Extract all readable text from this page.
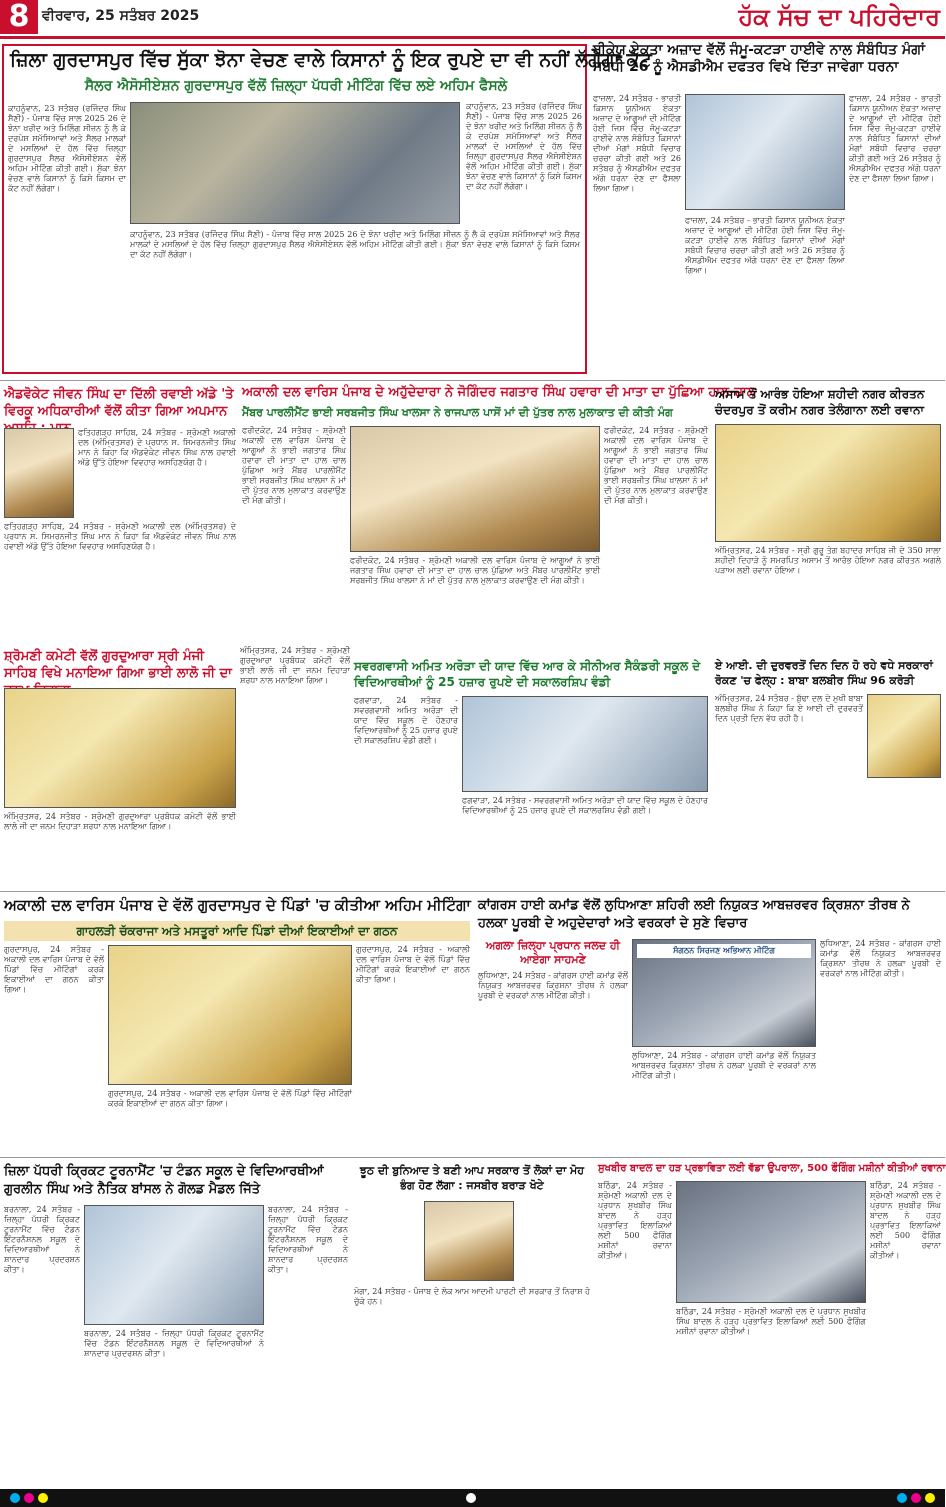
8 ਵੀਰਵਾਰ, 25 ਸਤੰਬਰ 2025	ਹੱਕ ਸੱਚ ਦਾ ਪਹਿਰੇਦਾਰ
ਜ਼ਿਲਾ ਗੁਰਦਾਸਪੁਰ ਵਿੱਚ ਸੁੱਕਾ ਝੋਨਾ ਵੇਚਣ ਵਾਲੇ ਕਿਸਾਨਾਂ ਨੂੰ ਇਕ ਰੁਪਏ ਦਾ ਵੀ ਨਹੀਂ ਲੱਗੇਗਾ ਕੱਟ
ਸੈਲਰ ਐਸੋਸੀਏਸ਼ਨ ਗੁਰਦਾਸਪੁਰ ਵੱਲੋਂ ਜ਼ਿਲ੍ਹਾ ਪੱਧਰੀ ਮੀਟਿੰਗ ਵਿੱਚ ਲਏ ਅਹਿਮ ਫੈਸਲੇ
ਕਾਹਨੂੰਵਾਨ, 23 ਸਤੰਬਰ (ਰਜਿੰਦਰ ਸਿੰਘ ਸੈਣੀ) - ਪੰਜਾਬ ਵਿੱਚ ਸਾਲ 2025 26 ਦੇ ਝੋਨਾ ਖਰੀਦ ਅਤੇ ਮਿਲਿੰਗ ਸੀਜ਼ਨ ਨੂੰ ਲੈ ਕੇ ਦਰਪੇਸ਼ ਸਮੱਸਿਆਵਾਂ ਅਤੇ ਸੈਲਰ ਮਾਲਕਾਂ ਦੇ ਮਸਲਿਆਂ ਦੇ ਹੱਲ ਵਿੱਚ ਜ਼ਿਲ੍ਹਾ ਗੁਰਦਾਸਪੁਰ ਸੈਲਰ ਐਸੋਸੀਏਸ਼ਨ ਵੱਲੋਂ ਅਹਿਮ ਮੀਟਿੰਗ ਕੀਤੀ ਗਈ। ਸੁੱਕਾ ਝੋਨਾ ਵੇਚਣ ਵਾਲੇ ਕਿਸਾਨਾਂ ਨੂੰ ਕਿਸੇ ਕਿਸਮ ਦਾ ਕੱਟ ਨਹੀਂ ਲੱਗੇਗਾ।
ਕਾਹਨੂੰਵਾਨ, 23 ਸਤੰਬਰ (ਰਜਿੰਦਰ ਸਿੰਘ ਸੈਣੀ) - ਪੰਜਾਬ ਵਿੱਚ ਸਾਲ 2025 26 ਦੇ ਝੋਨਾ ਖਰੀਦ ਅਤੇ ਮਿਲਿੰਗ ਸੀਜ਼ਨ ਨੂੰ ਲੈ ਕੇ ਦਰਪੇਸ਼ ਸਮੱਸਿਆਵਾਂ ਅਤੇ ਸੈਲਰ ਮਾਲਕਾਂ ਦੇ ਮਸਲਿਆਂ ਦੇ ਹੱਲ ਵਿੱਚ ਜ਼ਿਲ੍ਹਾ ਗੁਰਦਾਸਪੁਰ ਸੈਲਰ ਐਸੋਸੀਏਸ਼ਨ ਵੱਲੋਂ ਅਹਿਮ ਮੀਟਿੰਗ ਕੀਤੀ ਗਈ। ਸੁੱਕਾ ਝੋਨਾ ਵੇਚਣ ਵਾਲੇ ਕਿਸਾਨਾਂ ਨੂੰ ਕਿਸੇ ਕਿਸਮ ਦਾ ਕੱਟ ਨਹੀਂ ਲੱਗੇਗਾ।
ਕਾਹਨੂੰਵਾਨ, 23 ਸਤੰਬਰ (ਰਜਿੰਦਰ ਸਿੰਘ ਸੈਣੀ) - ਪੰਜਾਬ ਵਿੱਚ ਸਾਲ 2025 26 ਦੇ ਝੋਨਾ ਖਰੀਦ ਅਤੇ ਮਿਲਿੰਗ ਸੀਜ਼ਨ ਨੂੰ ਲੈ ਕੇ ਦਰਪੇਸ਼ ਸਮੱਸਿਆਵਾਂ ਅਤੇ ਸੈਲਰ ਮਾਲਕਾਂ ਦੇ ਮਸਲਿਆਂ ਦੇ ਹੱਲ ਵਿੱਚ ਜ਼ਿਲ੍ਹਾ ਗੁਰਦਾਸਪੁਰ ਸੈਲਰ ਐਸੋਸੀਏਸ਼ਨ ਵੱਲੋਂ ਅਹਿਮ ਮੀਟਿੰਗ ਕੀਤੀ ਗਈ। ਸੁੱਕਾ ਝੋਨਾ ਵੇਚਣ ਵਾਲੇ ਕਿਸਾਨਾਂ ਨੂੰ ਕਿਸੇ ਕਿਸਮ ਦਾ ਕੱਟ ਨਹੀਂ ਲੱਗੇਗਾ।
ਬੀਕੇਯੂ ਏਕਤਾ ਅਜ਼ਾਦ ਵੱਲੋਂ ਜੰਮੂ-ਕਟੜਾ ਹਾਈਵੇ ਨਾਲ ਸੰਬੰਧਿਤ ਮੰਗਾਂ ਸਬੰਧੀ 26 ਨੂੰ ਐਸਡੀਐਮ ਦਫਤਰ ਵਿਖੇ ਦਿੱਤਾ ਜਾਵੇਗਾ ਧਰਨਾ
ਫਾਜ਼ਲਾ, 24 ਸਤੰਬਰ - ਭਾਰਤੀ ਕਿਸਾਨ ਯੂਨੀਅਨ ਏਕਤਾ ਅਜ਼ਾਦ ਦੇ ਆਗੂਆਂ ਦੀ ਮੀਟਿੰਗ ਹੋਈ ਜਿਸ ਵਿੱਚ ਜੰਮੂ-ਕਟੜਾ ਹਾਈਵੇ ਨਾਲ ਸੰਬੰਧਿਤ ਕਿਸਾਨਾਂ ਦੀਆਂ ਮੰਗਾਂ ਸਬੰਧੀ ਵਿਚਾਰ ਚਰਚਾ ਕੀਤੀ ਗਈ ਅਤੇ 26 ਸਤੰਬਰ ਨੂੰ ਐਸਡੀਐਮ ਦਫਤਰ ਅੱਗੇ ਧਰਨਾ ਦੇਣ ਦਾ ਫੈਸਲਾ ਲਿਆ ਗਿਆ।
ਫਾਜ਼ਲਾ, 24 ਸਤੰਬਰ - ਭਾਰਤੀ ਕਿਸਾਨ ਯੂਨੀਅਨ ਏਕਤਾ ਅਜ਼ਾਦ ਦੇ ਆਗੂਆਂ ਦੀ ਮੀਟਿੰਗ ਹੋਈ ਜਿਸ ਵਿੱਚ ਜੰਮੂ-ਕਟੜਾ ਹਾਈਵੇ ਨਾਲ ਸੰਬੰਧਿਤ ਕਿਸਾਨਾਂ ਦੀਆਂ ਮੰਗਾਂ ਸਬੰਧੀ ਵਿਚਾਰ ਚਰਚਾ ਕੀਤੀ ਗਈ ਅਤੇ 26 ਸਤੰਬਰ ਨੂੰ ਐਸਡੀਐਮ ਦਫਤਰ ਅੱਗੇ ਧਰਨਾ ਦੇਣ ਦਾ ਫੈਸਲਾ ਲਿਆ ਗਿਆ।
ਫਾਜ਼ਲਾ, 24 ਸਤੰਬਰ - ਭਾਰਤੀ ਕਿਸਾਨ ਯੂਨੀਅਨ ਏਕਤਾ ਅਜ਼ਾਦ ਦੇ ਆਗੂਆਂ ਦੀ ਮੀਟਿੰਗ ਹੋਈ ਜਿਸ ਵਿੱਚ ਜੰਮੂ-ਕਟੜਾ ਹਾਈਵੇ ਨਾਲ ਸੰਬੰਧਿਤ ਕਿਸਾਨਾਂ ਦੀਆਂ ਮੰਗਾਂ ਸਬੰਧੀ ਵਿਚਾਰ ਚਰਚਾ ਕੀਤੀ ਗਈ ਅਤੇ 26 ਸਤੰਬਰ ਨੂੰ ਐਸਡੀਐਮ ਦਫਤਰ ਅੱਗੇ ਧਰਨਾ ਦੇਣ ਦਾ ਫੈਸਲਾ ਲਿਆ ਗਿਆ।
ਐਡਵੋਕੇਟ ਜੀਵਨ ਸਿੰਘ ਦਾ ਦਿੱਲੀ ਰਵਾਈ ਅੱਡੇ 'ਤੇ ਵਿਰਕੂ ਅਧਿਕਾਰੀਆਂ ਵੱਲੋਂ ਕੀਤਾ ਗਿਆ ਅਪਮਾਨ
ਫਤਿਹਗੜ੍ਹ ਸਾਹਿਬ, 24 ਸਤੰਬਰ - ਸ਼੍ਰੋਮਣੀ ਅਕਾਲੀ ਦਲ (ਅੰਮ੍ਰਿਤਸਰ) ਦੇ ਪ੍ਰਧਾਨ ਸ. ਸਿਮਰਨਜੀਤ ਸਿੰਘ ਮਾਨ ਨੇ ਕਿਹਾ ਕਿ ਐਡਵੋਕੇਟ ਜੀਵਨ ਸਿੰਘ ਨਾਲ ਹਵਾਈ ਅੱਡੇ ਉੱਤੇ ਹੋਇਆ ਵਿਵਹਾਰ ਅਸਹਿਣਯੋਗ ਹੈ।
ਫਤਿਹਗੜ੍ਹ ਸਾਹਿਬ, 24 ਸਤੰਬਰ - ਸ਼੍ਰੋਮਣੀ ਅਕਾਲੀ ਦਲ (ਅੰਮ੍ਰਿਤਸਰ) ਦੇ ਪ੍ਰਧਾਨ ਸ. ਸਿਮਰਨਜੀਤ ਸਿੰਘ ਮਾਨ ਨੇ ਕਿਹਾ ਕਿ ਐਡਵੋਕੇਟ ਜੀਵਨ ਸਿੰਘ ਨਾਲ ਹਵਾਈ ਅੱਡੇ ਉੱਤੇ ਹੋਇਆ ਵਿਵਹਾਰ ਅਸਹਿਣਯੋਗ ਹੈ।
ਅਕਾਲੀ ਦਲ ਵਾਰਿਸ ਪੰਜਾਬ ਦੇ ਅਹੁੱਦੇਦਾਰਾ ਨੇ ਜੋਗਿੰਦਰ ਜਗਤਾਰ ਸਿੰਘ ਹਵਾਰਾ ਦੀ ਮਾਤਾ ਦਾ ਪੁੱਛਿਆ ਹਾਲ-ਚਾਲ
ਮੈਂਬਰ ਪਾਰਲੀਮੈਂਟ ਭਾਈ ਸਰਬਜੀਤ ਸਿੰਘ ਖਾਲਸਾ ਨੇ ਰਾਜਪਾਲ ਪਾਸੋਂ ਮਾਂ ਦੀ ਪੁੱਤਰ ਨਾਲ ਮੁਲਾਕਾਤ ਦੀ ਕੀਤੀ ਮੰਗ
ਫਰੀਦਕੋਟ, 24 ਸਤੰਬਰ - ਸ਼੍ਰੋਮਣੀ ਅਕਾਲੀ ਦਲ ਵਾਰਿਸ ਪੰਜਾਬ ਦੇ ਆਗੂਆਂ ਨੇ ਭਾਈ ਜਗਤਾਰ ਸਿੰਘ ਹਵਾਰਾ ਦੀ ਮਾਤਾ ਦਾ ਹਾਲ ਚਾਲ ਪੁੱਛਿਆ ਅਤੇ ਮੈਂਬਰ ਪਾਰਲੀਮੈਂਟ ਭਾਈ ਸਰਬਜੀਤ ਸਿੰਘ ਖਾਲਸਾ ਨੇ ਮਾਂ ਦੀ ਪੁੱਤਰ ਨਾਲ ਮੁਲਾਕਾਤ ਕਰਵਾਉਣ ਦੀ ਮੰਗ ਕੀਤੀ।
ਫਰੀਦਕੋਟ, 24 ਸਤੰਬਰ - ਸ਼੍ਰੋਮਣੀ ਅਕਾਲੀ ਦਲ ਵਾਰਿਸ ਪੰਜਾਬ ਦੇ ਆਗੂਆਂ ਨੇ ਭਾਈ ਜਗਤਾਰ ਸਿੰਘ ਹਵਾਰਾ ਦੀ ਮਾਤਾ ਦਾ ਹਾਲ ਚਾਲ ਪੁੱਛਿਆ ਅਤੇ ਮੈਂਬਰ ਪਾਰਲੀਮੈਂਟ ਭਾਈ ਸਰਬਜੀਤ ਸਿੰਘ ਖਾਲਸਾ ਨੇ ਮਾਂ ਦੀ ਪੁੱਤਰ ਨਾਲ ਮੁਲਾਕਾਤ ਕਰਵਾਉਣ ਦੀ ਮੰਗ ਕੀਤੀ।
ਫਰੀਦਕੋਟ, 24 ਸਤੰਬਰ - ਸ਼੍ਰੋਮਣੀ ਅਕਾਲੀ ਦਲ ਵਾਰਿਸ ਪੰਜਾਬ ਦੇ ਆਗੂਆਂ ਨੇ ਭਾਈ ਜਗਤਾਰ ਸਿੰਘ ਹਵਾਰਾ ਦੀ ਮਾਤਾ ਦਾ ਹਾਲ ਚਾਲ ਪੁੱਛਿਆ ਅਤੇ ਮੈਂਬਰ ਪਾਰਲੀਮੈਂਟ ਭਾਈ ਸਰਬਜੀਤ ਸਿੰਘ ਖਾਲਸਾ ਨੇ ਮਾਂ ਦੀ ਪੁੱਤਰ ਨਾਲ ਮੁਲਾਕਾਤ ਕਰਵਾਉਣ ਦੀ ਮੰਗ ਕੀਤੀ।
ਅਸਾਮ ਤੋਂ ਆਰੰਭ ਹੋਇਆ ਸ਼ਹੀਦੀ ਨਗਰ ਕੀਰਤਨ ਚੰਦਰਪੁਰ ਤੋਂ ਕਰੀਮ ਨਗਰ ਤੇਲੰਗਾਨਾ ਲਈ ਰਵਾਨਾ
ਅੰਮ੍ਰਿਤਸਰ, 24 ਸਤੰਬਰ - ਸ੍ਰੀ ਗੁਰੂ ਤੇਗ ਬਹਾਦਰ ਸਾਹਿਬ ਜੀ ਦੇ 350 ਸਾਲਾ ਸ਼ਹੀਦੀ ਦਿਹਾੜੇ ਨੂੰ ਸਮਰਪਿਤ ਅਸਾਮ ਤੋਂ ਆਰੰਭ ਹੋਇਆ ਨਗਰ ਕੀਰਤਨ ਅਗਲੇ ਪੜਾਅ ਲਈ ਰਵਾਨਾ ਹੋਇਆ।
ਸ਼੍ਰੋਮਣੀ ਕਮੇਟੀ ਵੱਲੋਂ ਗੁਰਦੁਆਰਾ ਸ੍ਰੀ ਮੰਜੀ ਸਾਹਿਬ ਵਿਖੇ ਮਨਾਇਆ ਗਿਆ ਭਾਈ ਲਾਲੋ ਜੀ ਦਾ
ਅੰਮ੍ਰਿਤਸਰ, 24 ਸਤੰਬਰ - ਸ਼੍ਰੋਮਣੀ ਗੁਰਦੁਆਰਾ ਪ੍ਰਬੰਧਕ ਕਮੇਟੀ ਵੱਲੋਂ ਭਾਈ ਲਾਲੋ ਜੀ ਦਾ ਜਨਮ ਦਿਹਾੜਾ ਸ਼ਰਧਾ ਨਾਲ ਮਨਾਇਆ ਗਿਆ।
ਅੰਮ੍ਰਿਤਸਰ, 24 ਸਤੰਬਰ - ਸ਼੍ਰੋਮਣੀ ਗੁਰਦੁਆਰਾ ਪ੍ਰਬੰਧਕ ਕਮੇਟੀ ਵੱਲੋਂ ਭਾਈ ਲਾਲੋ ਜੀ ਦਾ ਜਨਮ ਦਿਹਾੜਾ ਸ਼ਰਧਾ ਨਾਲ ਮਨਾਇਆ ਗਿਆ।
ਸਵਰਗਵਾਸੀ ਅਮਿਤ ਅਰੋੜਾ ਦੀ ਯਾਦ ਵਿੱਚ ਆਰ ਕੇ ਸੀਨੀਅਰ ਸੈਕੰਡਰੀ ਸਕੂਲ ਦੇ ਵਿਦਿਆਰਥੀਆਂ ਨੂੰ 25 ਹਜ਼ਾਰ ਰੁਪਏ ਦੀ ਸਕਾਲਰਸ਼ਿਪ ਵੰਡੀ
ਫਗਵਾੜਾ, 24 ਸਤੰਬਰ - ਸਵਰਗਵਾਸੀ ਅਮਿਤ ਅਰੋੜਾ ਦੀ ਯਾਦ ਵਿੱਚ ਸਕੂਲ ਦੇ ਹੋਣਹਾਰ ਵਿਦਿਆਰਥੀਆਂ ਨੂੰ 25 ਹਜ਼ਾਰ ਰੁਪਏ ਦੀ ਸਕਾਲਰਸ਼ਿਪ ਵੰਡੀ ਗਈ।
ਫਗਵਾੜਾ, 24 ਸਤੰਬਰ - ਸਵਰਗਵਾਸੀ ਅਮਿਤ ਅਰੋੜਾ ਦੀ ਯਾਦ ਵਿੱਚ ਸਕੂਲ ਦੇ ਹੋਣਹਾਰ ਵਿਦਿਆਰਥੀਆਂ ਨੂੰ 25 ਹਜ਼ਾਰ ਰੁਪਏ ਦੀ ਸਕਾਲਰਸ਼ਿਪ ਵੰਡੀ ਗਈ।
ਏ ਆਈ. ਦੀ ਦੁਰਵਰਤੋਂ ਦਿਨ ਦਿਨ ਹੋ ਰਹੇ ਵਧੇ ਸਰਕਾਰਾਂ ਰੋਕਣ 'ਚ ਫੇਲ੍ਹ : ਬਾਬਾ ਬਲਬੀਰ ਸਿੰਘ 96 ਕਰੋੜੀ
ਅੰਮ੍ਰਿਤਸਰ, 24 ਸਤੰਬਰ - ਬੁੱਢਾ ਦਲ ਦੇ ਮੁਖੀ ਬਾਬਾ ਬਲਬੀਰ ਸਿੰਘ ਨੇ ਕਿਹਾ ਕਿ ਏ ਆਈ ਦੀ ਦੁਰਵਰਤੋਂ ਦਿਨ ਪ੍ਰਤੀ ਦਿਨ ਵੱਧ ਰਹੀ ਹੈ।
ਅਕਾਲੀ ਦਲ ਵਾਰਿਸ ਪੰਜਾਬ ਦੇ ਵੱਲੋਂ ਗੁਰਦਾਸਪੁਰ ਦੇ ਪਿੰਡਾਂ 'ਚ ਕੀਤੀਆ ਅਹਿਮ ਮੀਟਿੰਗਾ
ਗਾਹਲੜੀ ਚੱਕਰਾਜਾ ਅਤੇ ਮਸਤੂਰਾਂ ਆਦਿ ਪਿੰਡਾਂ ਦੀਆਂ ਇਕਾਈਆਂ ਦਾ ਗਠਨ
ਗੁਰਦਾਸਪੁਰ, 24 ਸਤੰਬਰ - ਅਕਾਲੀ ਦਲ ਵਾਰਿਸ ਪੰਜਾਬ ਦੇ ਵੱਲੋਂ ਪਿੰਡਾਂ ਵਿੱਚ ਮੀਟਿੰਗਾਂ ਕਰਕੇ ਇਕਾਈਆਂ ਦਾ ਗਠਨ ਕੀਤਾ ਗਿਆ।
ਗੁਰਦਾਸਪੁਰ, 24 ਸਤੰਬਰ - ਅਕਾਲੀ ਦਲ ਵਾਰਿਸ ਪੰਜਾਬ ਦੇ ਵੱਲੋਂ ਪਿੰਡਾਂ ਵਿੱਚ ਮੀਟਿੰਗਾਂ ਕਰਕੇ ਇਕਾਈਆਂ ਦਾ ਗਠਨ ਕੀਤਾ ਗਿਆ।
ਗੁਰਦਾਸਪੁਰ, 24 ਸਤੰਬਰ - ਅਕਾਲੀ ਦਲ ਵਾਰਿਸ ਪੰਜਾਬ ਦੇ ਵੱਲੋਂ ਪਿੰਡਾਂ ਵਿੱਚ ਮੀਟਿੰਗਾਂ ਕਰਕੇ ਇਕਾਈਆਂ ਦਾ ਗਠਨ ਕੀਤਾ ਗਿਆ।
ਕਾਂਗਰਸ ਹਾਈ ਕਮਾਂਡ ਵੱਲੋਂ ਲੁਧਿਆਣਾ ਸ਼ਹਿਰੀ ਲਈ ਨਿਯੁਕਤ ਆਬਜ਼ਰਵਰ ਕ੍ਰਿਸ਼ਨਾ ਤੀਰਥ ਨੇ ਹਲਕਾ ਪੂਰਬੀ ਦੇ ਅਹੁਦੇਦਾਰਾਂ ਅਤੇ ਵਰਕਰਾਂ ਦੇ ਸੁਣੇ ਵਿਚਾਰ
ਅਗਲਾ ਜ਼ਿਲ੍ਹਾ ਪ੍ਰਧਾਨ ਜਲਦ ਹੀ ਆਏਗਾ ਸਾਹਮਣੇ
ਲੁਧਿਆਣਾ, 24 ਸਤੰਬਰ - ਕਾਂਗਰਸ ਹਾਈ ਕਮਾਂਡ ਵੱਲੋਂ ਨਿਯੁਕਤ ਆਬਜ਼ਰਵਰ ਕ੍ਰਿਸ਼ਨਾ ਤੀਰਥ ਨੇ ਹਲਕਾ ਪੂਰਬੀ ਦੇ ਵਰਕਰਾਂ ਨਾਲ ਮੀਟਿੰਗ ਕੀਤੀ।
ਸੰਗਠਨ ਸਿਰਜਣ ਅਭਿਆਨ ਮੀਟਿੰਗ
ਲੁਧਿਆਣਾ, 24 ਸਤੰਬਰ - ਕਾਂਗਰਸ ਹਾਈ ਕਮਾਂਡ ਵੱਲੋਂ ਨਿਯੁਕਤ ਆਬਜ਼ਰਵਰ ਕ੍ਰਿਸ਼ਨਾ ਤੀਰਥ ਨੇ ਹਲਕਾ ਪੂਰਬੀ ਦੇ ਵਰਕਰਾਂ ਨਾਲ ਮੀਟਿੰਗ ਕੀਤੀ।
ਲੁਧਿਆਣਾ, 24 ਸਤੰਬਰ - ਕਾਂਗਰਸ ਹਾਈ ਕਮਾਂਡ ਵੱਲੋਂ ਨਿਯੁਕਤ ਆਬਜ਼ਰਵਰ ਕ੍ਰਿਸ਼ਨਾ ਤੀਰਥ ਨੇ ਹਲਕਾ ਪੂਰਬੀ ਦੇ ਵਰਕਰਾਂ ਨਾਲ ਮੀਟਿੰਗ ਕੀਤੀ।
ਜ਼ਿਲਾ ਪੱਧਰੀ ਕ੍ਰਿਕਟ ਟੂਰਨਾਮੈਂਟ 'ਚ ਟੰਡਨ ਸਕੂਲ ਦੇ ਵਿਦਿਆਰਥੀਆਂ ਗੁਰਲੀਨ ਸਿੰਘ ਅਤੇ ਨੈਤਿਕ ਬਾਂਸਲ ਨੇ ਗੋਲਡ ਮੈਡਲ ਜਿੱਤੇ
ਬਰਨਾਲਾ, 24 ਸਤੰਬਰ - ਜ਼ਿਲ੍ਹਾ ਪੱਧਰੀ ਕ੍ਰਿਕਟ ਟੂਰਨਾਮੈਂਟ ਵਿੱਚ ਟੰਡਨ ਇੰਟਰਨੈਸ਼ਨਲ ਸਕੂਲ ਦੇ ਵਿਦਿਆਰਥੀਆਂ ਨੇ ਸ਼ਾਨਦਾਰ ਪ੍ਰਦਰਸ਼ਨ ਕੀਤਾ।
ਬਰਨਾਲਾ, 24 ਸਤੰਬਰ - ਜ਼ਿਲ੍ਹਾ ਪੱਧਰੀ ਕ੍ਰਿਕਟ ਟੂਰਨਾਮੈਂਟ ਵਿੱਚ ਟੰਡਨ ਇੰਟਰਨੈਸ਼ਨਲ ਸਕੂਲ ਦੇ ਵਿਦਿਆਰਥੀਆਂ ਨੇ ਸ਼ਾਨਦਾਰ ਪ੍ਰਦਰਸ਼ਨ ਕੀਤਾ।
ਬਰਨਾਲਾ, 24 ਸਤੰਬਰ - ਜ਼ਿਲ੍ਹਾ ਪੱਧਰੀ ਕ੍ਰਿਕਟ ਟੂਰਨਾਮੈਂਟ ਵਿੱਚ ਟੰਡਨ ਇੰਟਰਨੈਸ਼ਨਲ ਸਕੂਲ ਦੇ ਵਿਦਿਆਰਥੀਆਂ ਨੇ ਸ਼ਾਨਦਾਰ ਪ੍ਰਦਰਸ਼ਨ ਕੀਤਾ।
ਝੂਠ ਦੀ ਬੁਨਿਆਦ ਤੇ ਬਣੀ ਆਪ ਸਰਕਾਰ ਤੋਂ ਲੋਕਾਂ ਦਾ ਮੋਹ ਭੰਗ ਹੋਣ ਲੱਗਾ : ਜਸਬੀਰ ਬਰਾੜ ਖੋਟੇ
ਮੋਗਾ, 24 ਸਤੰਬਰ - ਪੰਜਾਬ ਦੇ ਲੋਕ ਆਮ ਆਦਮੀ ਪਾਰਟੀ ਦੀ ਸਰਕਾਰ ਤੋਂ ਨਿਰਾਸ਼ ਹੋ ਚੁੱਕੇ ਹਨ।
ਸੁਖਬੀਰ ਬਾਦਲ ਦਾ ਹੜ ਪ੍ਰਭਾਵਿਤਾ ਲਈ ਵੱਡਾ ਉਪਰਾਲਾ, 500 ਫੌਗਿੰਗ ਮਸ਼ੀਨਾਂ ਕੀਤੀਆਂ ਰਵਾਨਾ
ਬਠਿੰਡਾ, 24 ਸਤੰਬਰ - ਸ਼੍ਰੋਮਣੀ ਅਕਾਲੀ ਦਲ ਦੇ ਪ੍ਰਧਾਨ ਸੁਖਬੀਰ ਸਿੰਘ ਬਾਦਲ ਨੇ ਹੜ੍ਹ ਪ੍ਰਭਾਵਿਤ ਇਲਾਕਿਆਂ ਲਈ 500 ਫੌਗਿੰਗ ਮਸ਼ੀਨਾਂ ਰਵਾਨਾ ਕੀਤੀਆਂ।
ਬਠਿੰਡਾ, 24 ਸਤੰਬਰ - ਸ਼੍ਰੋਮਣੀ ਅਕਾਲੀ ਦਲ ਦੇ ਪ੍ਰਧਾਨ ਸੁਖਬੀਰ ਸਿੰਘ ਬਾਦਲ ਨੇ ਹੜ੍ਹ ਪ੍ਰਭਾਵਿਤ ਇਲਾਕਿਆਂ ਲਈ 500 ਫੌਗਿੰਗ ਮਸ਼ੀਨਾਂ ਰਵਾਨਾ ਕੀਤੀਆਂ।
ਬਠਿੰਡਾ, 24 ਸਤੰਬਰ - ਸ਼੍ਰੋਮਣੀ ਅਕਾਲੀ ਦਲ ਦੇ ਪ੍ਰਧਾਨ ਸੁਖਬੀਰ ਸਿੰਘ ਬਾਦਲ ਨੇ ਹੜ੍ਹ ਪ੍ਰਭਾਵਿਤ ਇਲਾਕਿਆਂ ਲਈ 500 ਫੌਗਿੰਗ ਮਸ਼ੀਨਾਂ ਰਵਾਨਾ ਕੀਤੀਆਂ।
